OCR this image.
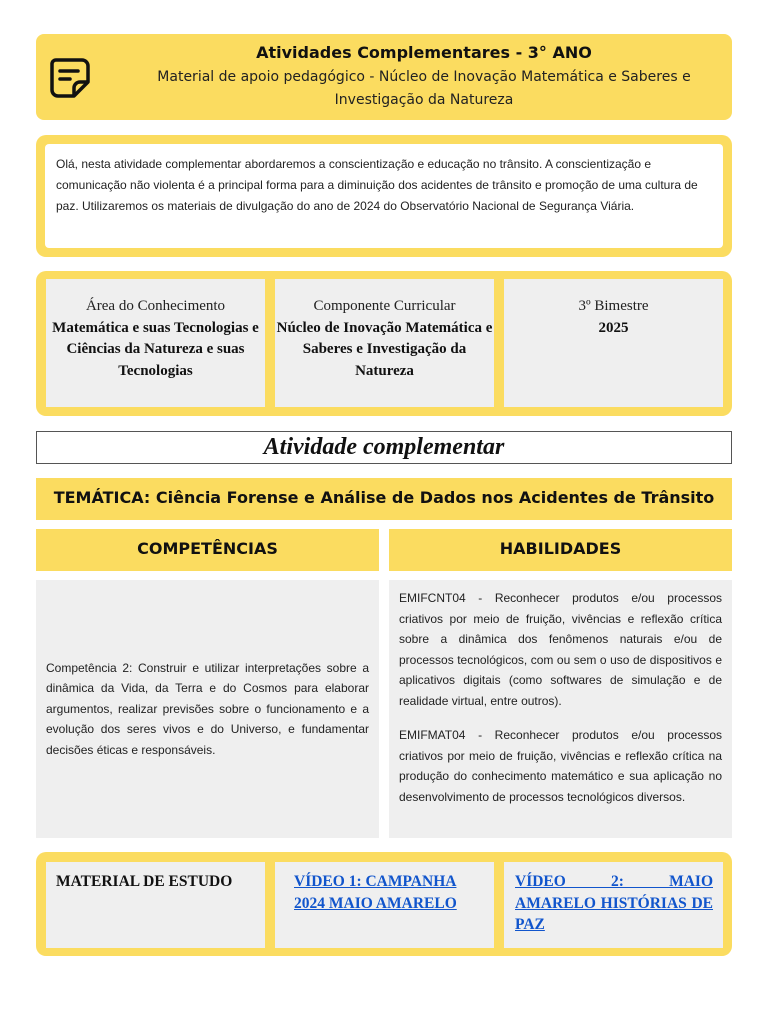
Atividades Complementares - 3° ANO
Material de apoio pedagógico - Núcleo de Inovação Matemática e Saberes e Investigação da Natureza
Olá, nesta atividade complementar abordaremos a conscientização e educação no trânsito. A conscientização e comunicação não violenta é a principal forma para a diminuição dos acidentes de trânsito e promoção de uma cultura de paz. Utilizaremos os materiais de divulgação do ano de 2024 do Observatório Nacional de Segurança Viária.
Área do Conhecimento
Matemática e suas Tecnologias e Ciências da Natureza e suas Tecnologias
Componente Curricular
Núcleo de Inovação Matemática e Saberes e Investigação da Natureza
3º Bimestre
2025
Atividade complementar
TEMÁTICA: Ciência Forense e Análise de Dados nos Acidentes de Trânsito
COMPETÊNCIAS	HABILIDADES
Competência 2: Construir e utilizar interpretações sobre a dinâmica da Vida, da Terra e do Cosmos para elaborar argumentos, realizar previsões sobre o funcionamento e a evolução dos seres vivos e do Universo, e fundamentar decisões éticas e responsáveis.

EMIFCNT04 - Reconhecer produtos e/ou processos criativos por meio de fruição, vivências e reflexão crítica sobre a dinâmica dos fenômenos naturais e/ou de processos tecnológicos, com ou sem o uso de dispositivos e aplicativos digitais (como softwares de simulação e de realidade virtual, entre outros).

EMIFMAT04 - Reconhecer produtos e/ou processos criativos por meio de fruição, vivências e reflexão crítica na produção do conhecimento matemático e sua aplicação no desenvolvimento de processos tecnológicos diversos.

MATERIAL DE ESTUDO	VÍDEO 1: CAMPANHA 2024 MAIO AMARELO
VÍDEO 2: MAIO AMARELO HISTÓRIAS DE PAZ
